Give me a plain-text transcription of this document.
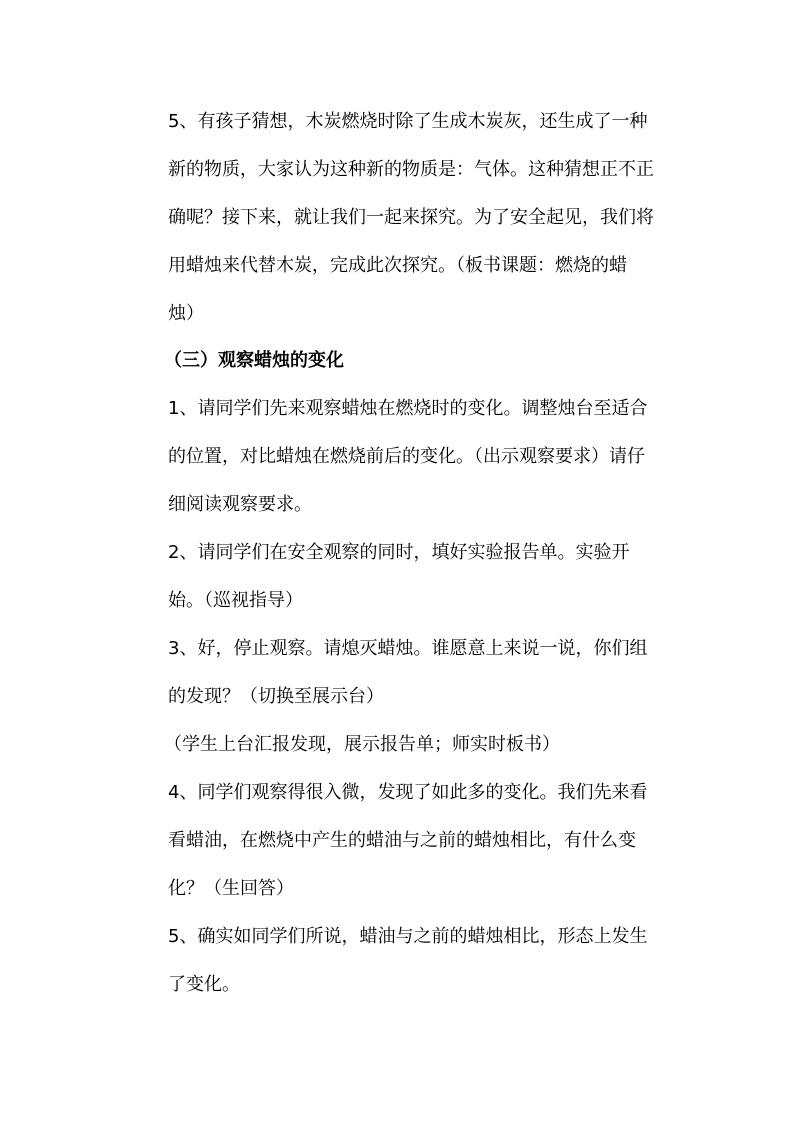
5、有孩子猜想，木炭燃烧时除了生成木炭灰，还生成了一种
新的物质，大家认为这种新的物质是：气体。这种猜想正不正
确呢？接下来，就让我们一起来探究。为了安全起见，我们将
用蜡烛来代替木炭，完成此次探究。（板书课题：燃烧的蜡
烛）
（三）观察蜡烛的变化
1、请同学们先来观察蜡烛在燃烧时的变化。调整烛台至适合
的位置，对比蜡烛在燃烧前后的变化。（出示观察要求）请仔
细阅读观察要求。
2、请同学们在安全观察的同时，填好实验报告单。实验开
始。（巡视指导）
3、好，停止观察。请熄灭蜡烛。谁愿意上来说一说，你们组
的发现？（切换至展示台）
（学生上台汇报发现，展示报告单；师实时板书）
4、同学们观察得很入微，发现了如此多的变化。我们先来看
看蜡油，在燃烧中产生的蜡油与之前的蜡烛相比，有什么变
化？（生回答）
5、确实如同学们所说，蜡油与之前的蜡烛相比，形态上发生
了变化。
